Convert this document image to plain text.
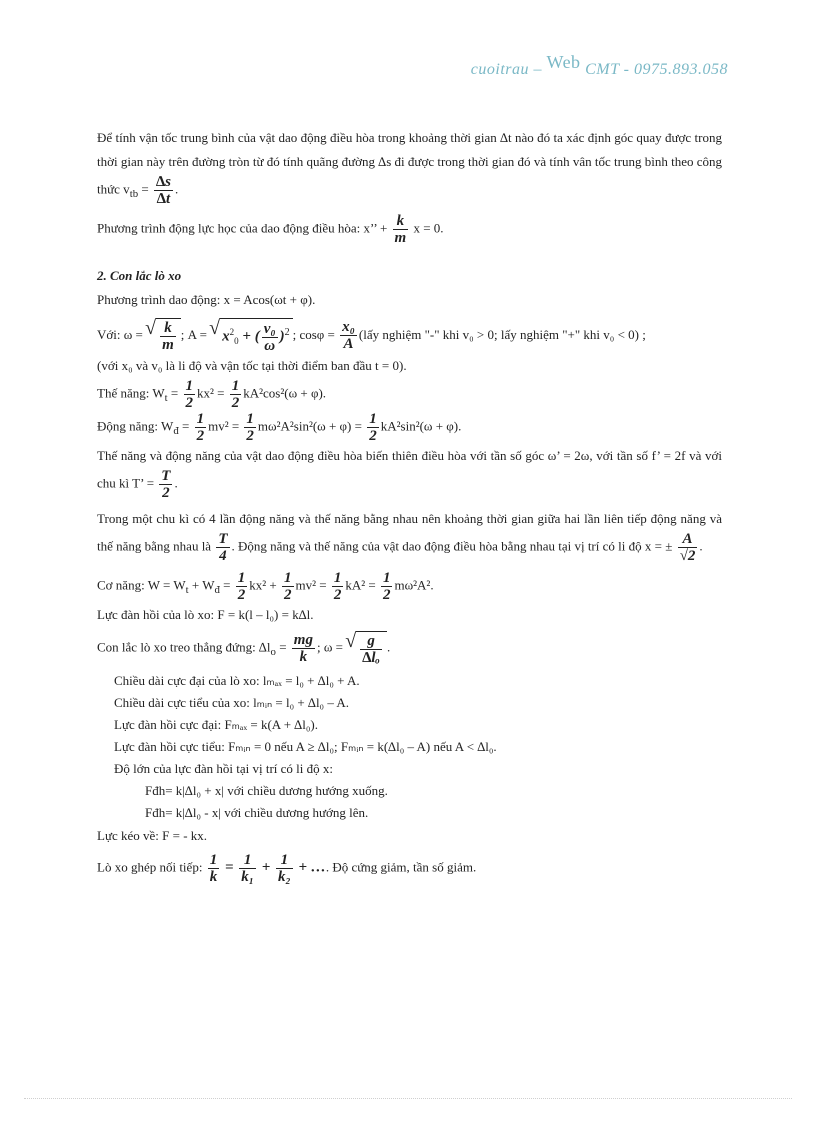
cuoitrau – Web CMT - 0975.893.058

Để tính vận tốc trung bình của vật dao động điều hòa trong khoảng thời gian ∆t nào đó ta xác định góc quay được trong thời gian này trên đường tròn từ đó tính quãng đường ∆s đi được trong thời gian đó và tính vân tốc trung bình theo công thức $v_{tb} = \frac{\Delta s}{\Delta t}$ .

Phương trình động lực học của dao động điều hòa: x’’ + $\frac{k}{m}$ x = 0.

2. Con lắc lò xo

Phương trình dao động: x = Acos(ωt + φ).

Với: ω = √ $\frac{k}{m}$ ; A = √ $x^2_0$ + ( $\frac{\text{v₀}}{\omega} )^2$ ; $\cos\varphi = \frac{\text{x₀}}{A}$ (lấy nghiệm "-" khi v₀ > 0; lấy nghiệm "+" khi v₀ < 0) ;

(với x₀ và v₀ là li độ và vận tốc tại thời điểm ban đầu t = 0).

Thế năng: $W_t = \frac{1}{2} kx^2 = \frac{1}{2} kA^2\cos^2(\omega + \varphi)$.

Động năng: $W_đ = \frac{1}{2} mv^2 = \frac{1}{2} m\omega^2A^2\sin^2(\omega + \varphi) = \frac{1}{2} kA^2\sin^2(\omega + \varphi)$.

Thế năng và động năng của vật dao động điều hòa biến thiên điều hòa với tần số góc ω’ = 2ω, với tần số f’ = 2f và với chu kì T’ = $\frac{T}{2}$ .

Trong một chu kì có 4 lần động năng và thế năng bằng nhau nên khoảng thời gian giữa hai lần liên tiếp động năng và thế năng bằng nhau là $\frac{T}{4}$ . Động năng và thế năng của vật dao động điều hòa bằng nhau tại vị trí có li độ x = ± $\frac{A}{√2}$ .

Cơ năng: $W = W_t + W_đ = \frac{1}{2} kx^2 + \frac{1}{2} mv^2 = \frac{1}{2} kA^2 = \frac{1}{2} m\omega^2A^2$.

Lực đàn hồi của lò xo: F = k(l – l₀) = k∆l.

Con lắc lò xo treo thẳng đứng: $\Delta l_o = \frac{mg}{k}$ ; ω = √ $\frac{g}{\text{∆lₒ}}$ .

Chiều dài cực đại của lò xo: lₘₐₓ = l₀ + ∆l₀ + A.

Chiều dài cực tiểu của xo: lₘᵢₙ = l₀ + ∆l₀ – A.

Lực đàn hồi cực đại: Fₘₐₓ = k(A + ∆l₀).

Lực đàn hồi cực tiểu: Fₘᵢₙ = 0 nếu A ≥ ∆l₀; Fₘᵢₙ = k(∆l₀ – A) nếu A < ∆l₀.

Độ lớn của lực đàn hồi tại vị trí có li độ x:

Fđh= k|∆l₀ + x| với chiều dương hướng xuống.

Fđh= k|∆l₀ - x| với chiều dương hướng lên.

Lực kéo về: F = - kx.

Lò xo ghép nối tiếp: $\frac{1}{k} = \frac{1}{\text{k₁}} + \frac{1}{\text{k₂}}$ + …. Độ cứng giảm, tần số giảm.
